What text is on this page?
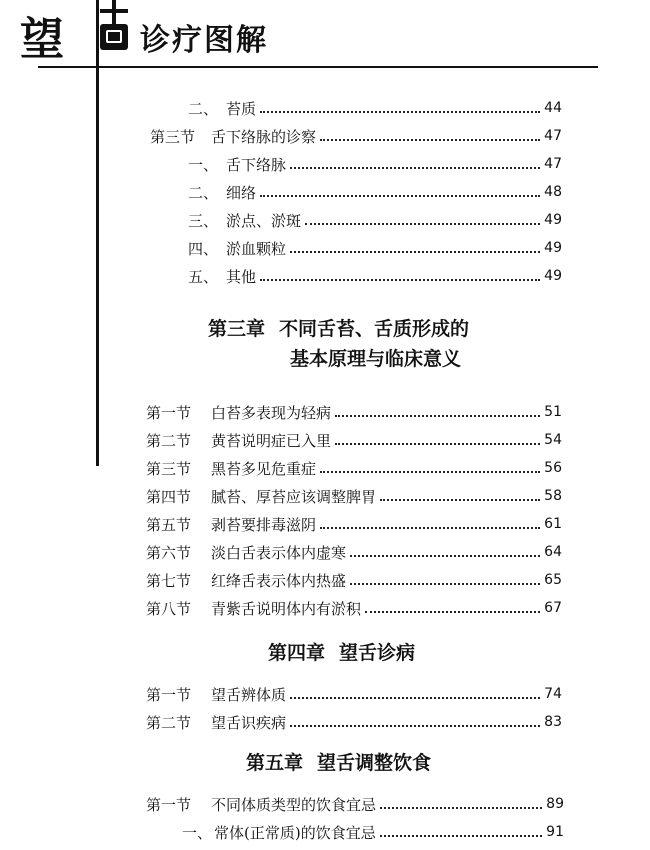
望	诊疗图解
二、 苔质	44
第三节 舌下络脉的诊察	47
一、 舌下络脉	47
二、 细络	48
三、 淤点、淤斑	49
四、 淤血颗粒	49
五、 其他	49
第三章 不同舌苔、舌质形成的
基本原理与临床意义
第一节 白苔多表现为轻病	51
第二节 黄苔说明症已入里	54
第三节 黑苔多见危重症	56
第四节 腻苔、厚苔应该调整脾胃	58
第五节 剥苔要排毒滋阴	61
第六节 淡白舌表示体内虚寒	64
第七节 红绛舌表示体内热盛	65
第八节 青紫舌说明体内有淤积	67
第四章 望舌诊病
第一节 望舌辨体质	74
第二节 望舌识疾病	83
第五章 望舌调整饮食
第一节 不同体质类型的饮食宜忌	89
一、 常体(正常质)的饮食宜忌	91
